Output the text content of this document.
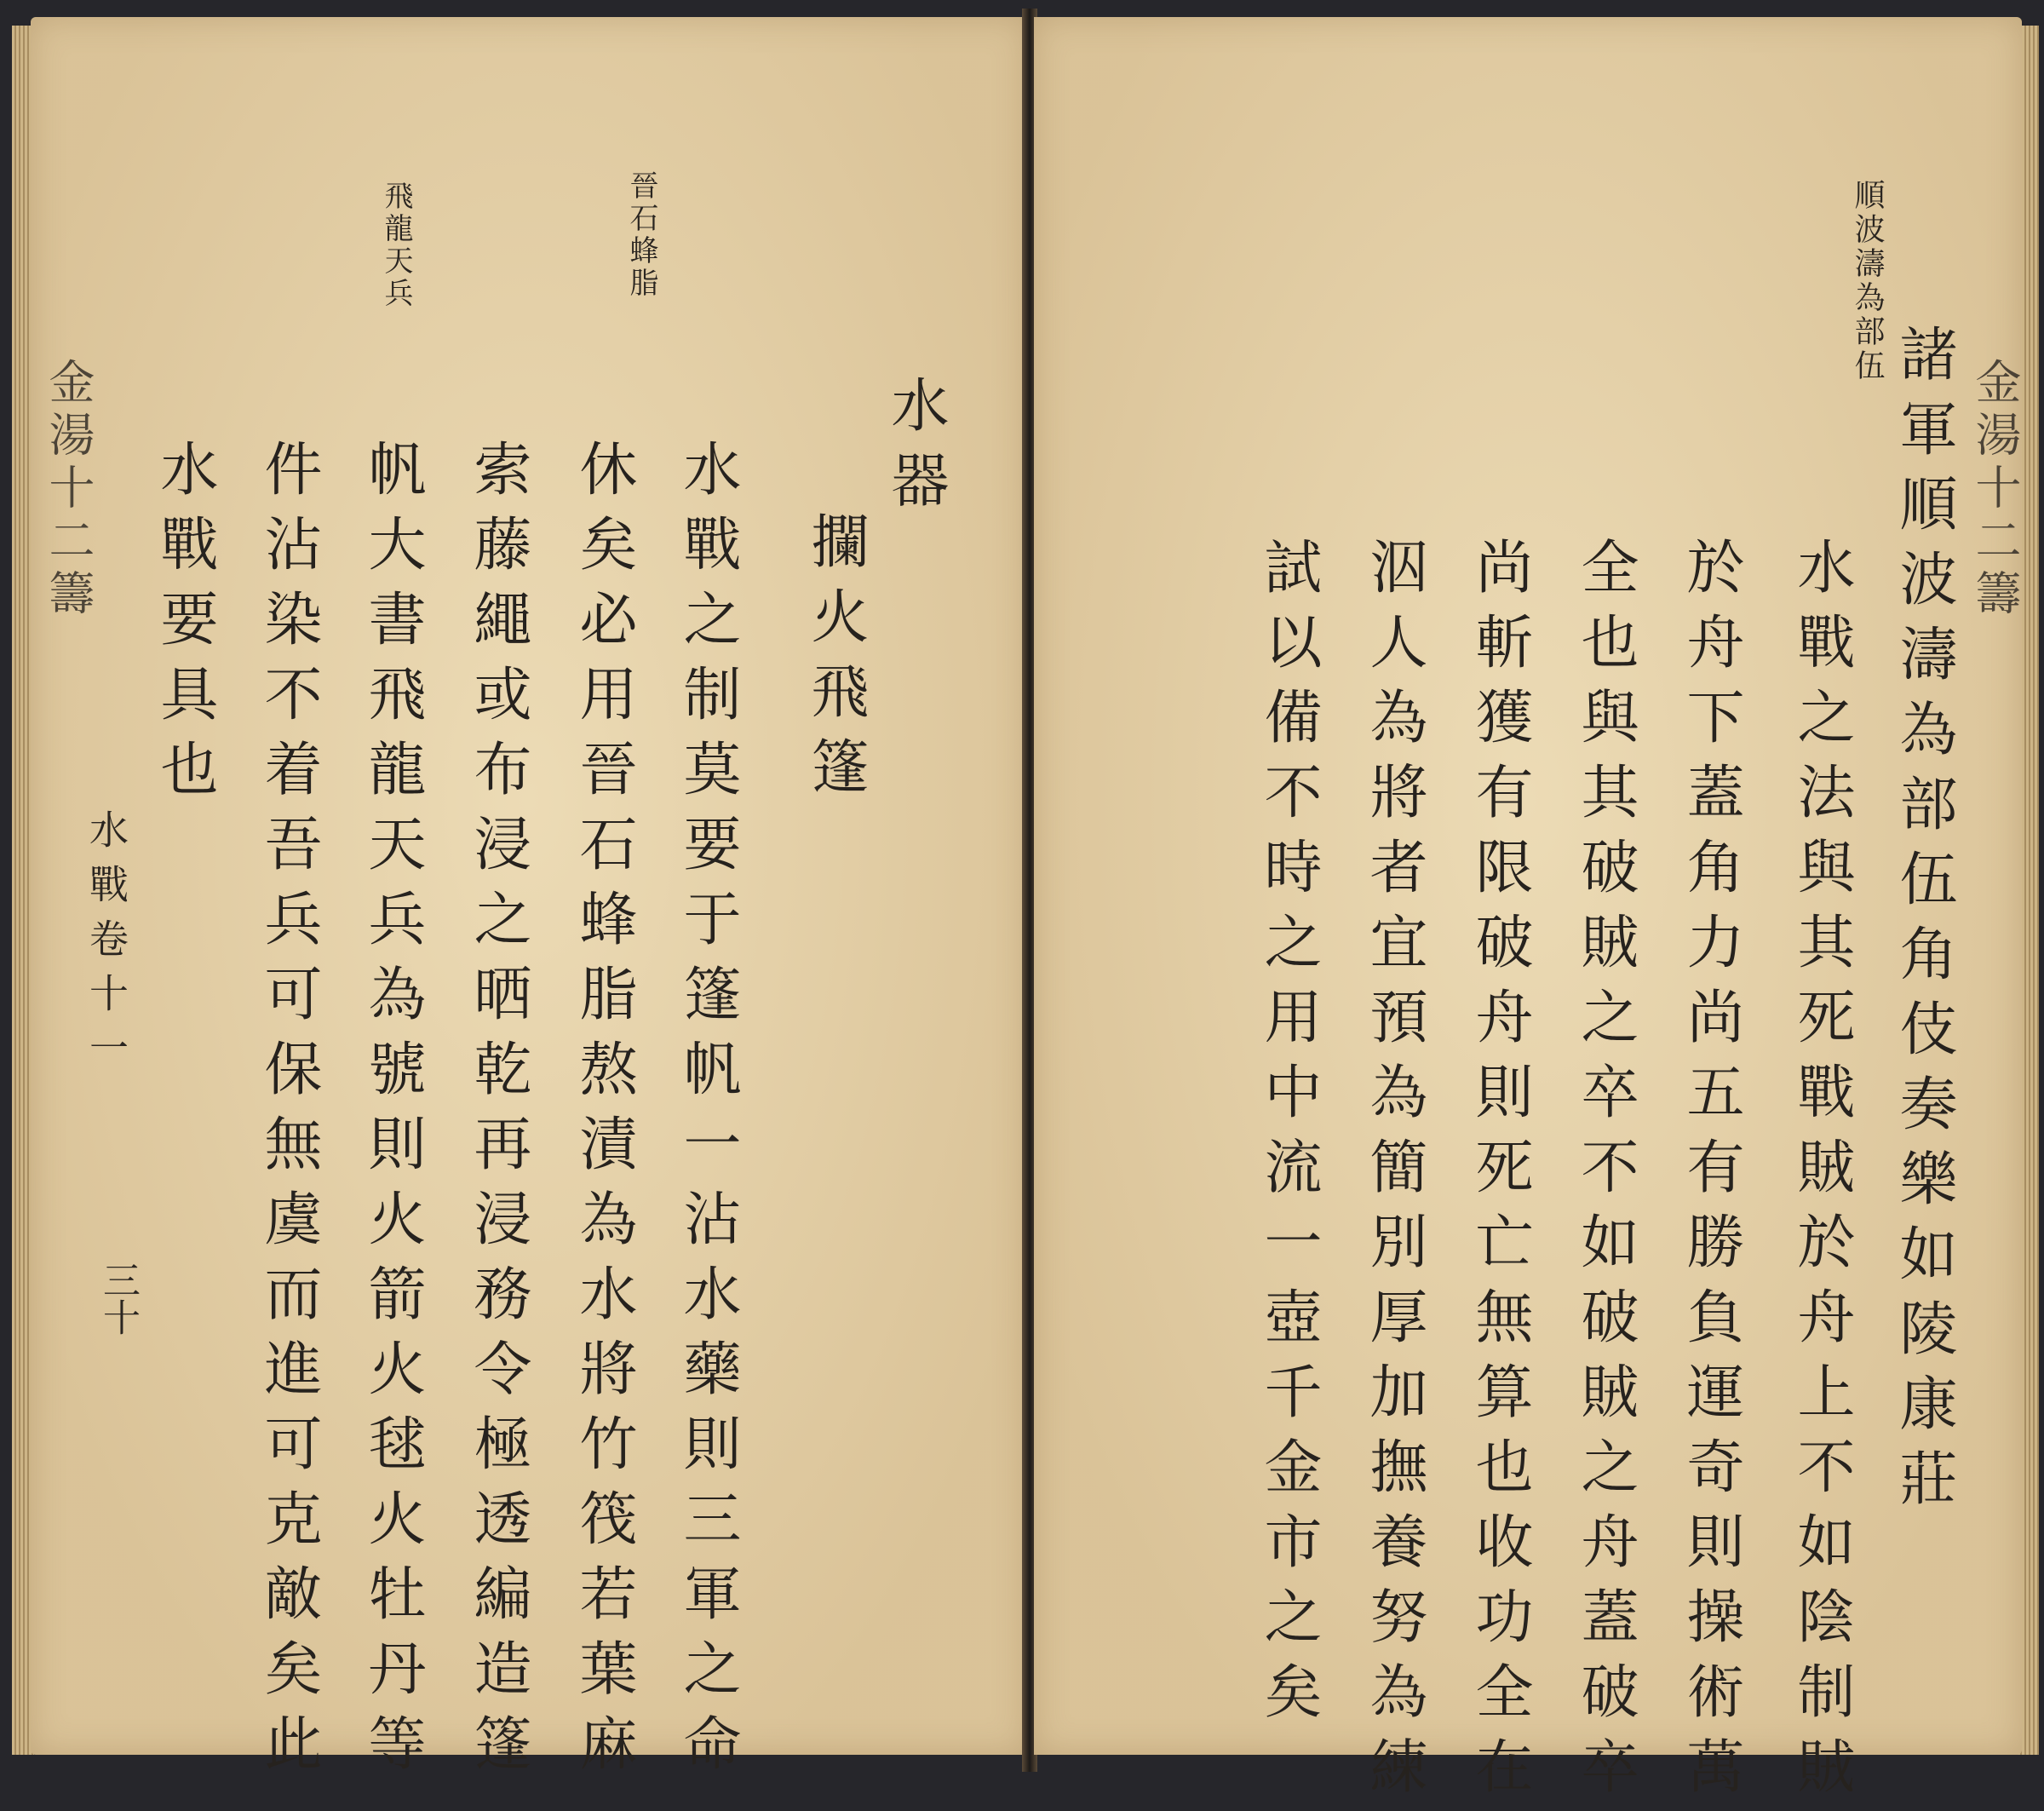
金湯十二籌
晉石蜂脂
飛龍天兵
水器
攔火飛篷
水戰之制莫要于篷帆一沾水藥則三軍之命
休矣必用晉石蜂脂熬漬為水將竹筏若葉麻
索藤繩或布浸之晒乾再浸務令極透編造篷
帆大書飛龍天兵為號則火箭火毬火牡丹等
件沾染不着吾兵可保無虞而進可克敵矣此
水戰要具也
水戰卷十一
三十
順波濤為部伍
諸軍順波濤為部伍角伎奏樂如陵康莊
水戰之法與其死戰賊於舟上不如陰制賊
於舟下蓋角力尚五有勝負運奇則操術萬
全也與其破賊之卒不如破賊之舟蓋破卒
尚斬獲有限破舟則死亡無算也收功全在
泅人為將者宜預為簡別厚加撫養努為練
試以備不時之用中流一壺千金市之矣
金湯十二籌
